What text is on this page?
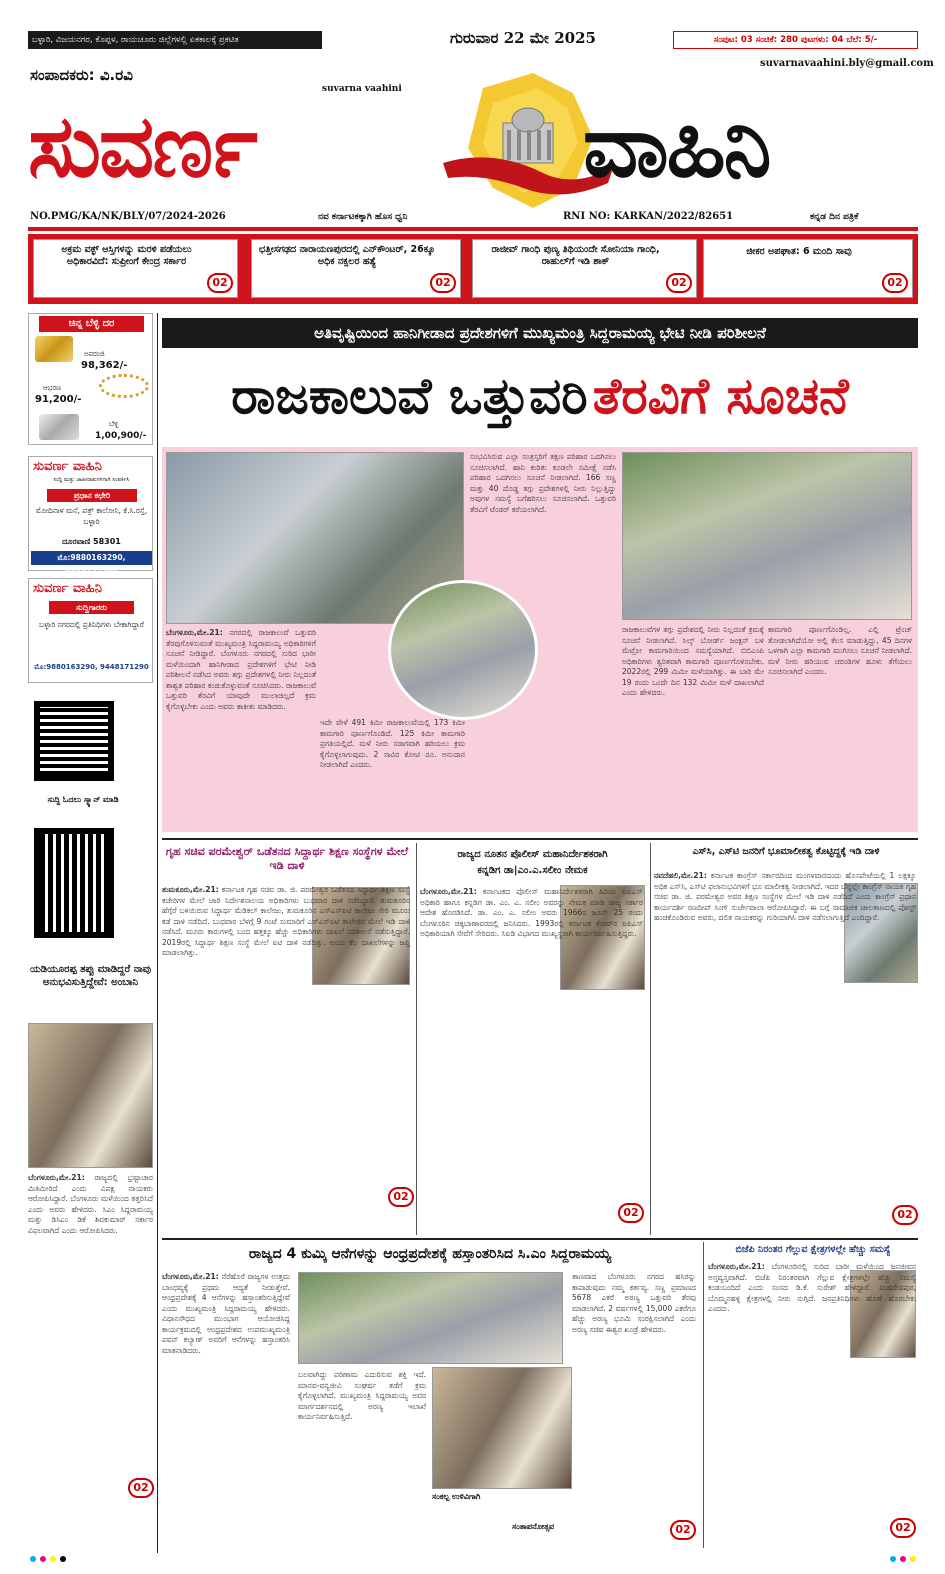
ಬಳ್ಳಾರಿ, ವಿಜಯನಗರ, ಕೊಪ್ಪಳ, ರಾಯಚೂರು ಜಿಲ್ಲೆಗಳಲ್ಲಿ ಏಕಕಾಲಕ್ಕೆ ಪ್ರಕಟಿತ	ಗುರುವಾರ 22 ಮೇ 2025	ಸಂಪುಟ: 03 ಸಂಚಿಕೆ: 280 ಪುಟಗಳು: 04 ಬೆಲೆ: 5/-
ಸಂಪಾದಕರು: ವಿ.ರವಿ
suvarnavaahini.bly@gmail.com
suvarna vaahini
ಸುವರ್ಣ	ವಾಹಿನಿ
NO.PMG/KA/NK/BLY/07/2024-2026	ನವ ಕರ್ನಾಟಕಕ್ಕಾಗಿ ಹೊಸ ಧ್ವನಿ	RNI NO: KARKAN/2022/82651	ಕನ್ನಡ ದಿನ ಪತ್ರಿಕೆ
ಅಕ್ರಮ ವಕ್ಫ್ ಆಸ್ತಿಗಳನ್ನು ಮರಳಿ ಪಡೆಯಲು ಅಧಿಕಾರವಿದೆ: ಸುಪ್ರೀಂಗೆ ಕೇಂದ್ರ ಸರ್ಕಾರ
02
ಛತ್ತೀಸಗಢದ ನಾರಾಯಣಪುರದಲ್ಲಿ ಎನ್‌ಕೌಂಟರ್, 26ಕ್ಕೂ ಅಧಿಕ ನಕ್ಸಲರ ಹತ್ಯೆ
02
ರಾಜೀವ್ ಗಾಂಧಿ ಪುಣ್ಯ ತಿಥಿಯಂದೇ ಸೋನಿಯಾ ಗಾಂಧಿ, ರಾಹುಲ್‌ಗೆ ಇಡಿ ಶಾಕ್
02
ಜೀಕರ ಅಪಘಾತ: 6 ಮಂದಿ ಸಾವು
02
ಚಿನ್ನ ಬೆಳ್ಳಿ ದರ
ಅಪರಂಜಿ
98,362/-
ಆಭರಣ
91,200/-
ಬೆಳ್ಳಿ
1,00,900/-
ಸುವರ್ಣ ವಾಹಿನಿ
ಸುದ್ದಿ ಮತ್ತು ಜಾಹೀರಾತುಗಳಿಗಾಗಿ ಸಂಪರ್ಕಿಸಿ
ಪ್ರಧಾನ ಕಛೇರಿ
ಮೋದಿನಾಳ ಮನೆ, ಪತ್ರ್ ಕಾಲೋನಿ, ಕೆ.ಸಿ.ರಸ್ತೆ, ಬಳ್ಳಾರಿ
ದೂರವಾಣಿ 58301
ಮೊ:9880163290, 9448171290
ಸುವರ್ಣ ವಾಹಿನಿ
ಸುದ್ದಿಗಾರರು
ಬಳ್ಳಾರಿ ನಗರದಲ್ಲಿ ಪ್ರತಿನಿಧಿಗಳು ಬೇಕಾಗಿದ್ದಾರೆ
ಮೊ:9880163290, 9448171290
ಸುದ್ದಿ ಓದಲು ಸ್ಕ್ಯಾನ್ ಮಾಡಿ
ಯಡಿಯೂರಪ್ಪ ತಪ್ಪು ಮಾಡಿದ್ದರೆ ನಾವು ಅನುಭವಿಸುತ್ತಿದ್ದೇವೆ: ಅಂಬಾನಿ
ಬೆಂಗಳೂರು,ಮೇ.21: ರಾಜ್ಯದಲ್ಲಿ ಭ್ರಷ್ಟಾಚಾರ ಮಿತಿಮೀರಿದೆ ಎಂದು ವಿಪಕ್ಷ ನಾಯಕರು ಆರೋಪಿಸಿದ್ದಾರೆ. ಬೆಂಗಳೂರು ಮಳೆಯಿಂದ ತತ್ತರಿಸಿದೆ ಎಂದು ಅವರು ಹೇಳಿದರು. ಸಿಎಂ ಸಿದ್ದರಾಮಯ್ಯ ಮತ್ತು ಡಿಸಿಎಂ ಡಿಕೆ ಶಿವಕುಮಾರ್ ಸರ್ಕಾರ ವಿಫಲವಾಗಿದೆ ಎಂದು ಆರೋಪಿಸಿದರು.
02
ಅತಿವೃಷ್ಟಿಯಿಂದ ಹಾನಿಗೀಡಾದ ಪ್ರದೇಶಗಳಿಗೆ ಮುಖ್ಯಮಂತ್ರಿ ಸಿದ್ದರಾಮಯ್ಯ ಭೇಟಿ ನೀಡಿ ಪರಿಶೀಲನೆ
ರಾಜಕಾಲುವೆ ಒತ್ತುವರಿ ತೆರವಿಗೆ ಸೂಚನೆ
ಬೆಂಗಳೂರು,ಮೇ.21: ನಗರದಲ್ಲಿ ರಾಜಕಾಲುವೆ ಒತ್ತುವರಿ ತೆರವುಗೊಳಿಸುವಂತೆ ಮುಖ್ಯಮಂತ್ರಿ ಸಿದ್ದರಾಮಯ್ಯ ಅಧಿಕಾರಿಗಳಿಗೆ ಸೂಚನೆ ನೀಡಿದ್ದಾರೆ. ಬೆಂಗಳೂರು ನಗರದಲ್ಲಿ ಸುರಿದ ಭಾರೀ ಮಳೆಯಿಂದಾಗಿ ಹಾನಿಗೀಡಾದ ಪ್ರದೇಶಗಳಿಗೆ ಭೇಟಿ ನೀಡಿ ಪರಿಶೀಲನೆ ನಡೆಸಿದ ಅವರು ತಗ್ಗು ಪ್ರದೇಶಗಳಲ್ಲಿ ನೀರು ನಿಲ್ಲದಂತೆ ಶಾಶ್ವತ ಪರಿಹಾರ ಕಂಡುಕೊಳ್ಳುವಂತೆ ಸೂಚಿಸಿದರು. ರಾಜಕಾಲುವೆ ಒತ್ತುವರಿ ತೆರವಿಗೆ ಯಾವುದೇ ಮುಲಾಜಿಲ್ಲದೆ ಕ್ರಮ ಕೈಗೊಳ್ಳಬೇಕು ಎಂದು ಅವರು ತಾಕೀತು ಮಾಡಿದರು.
ಇದೇ ವೇಳೆ 491 ಕಿಮೀ ರಾಜಕಾಲುವೆಯಲ್ಲಿ 173 ಕಿಮೀ ಕಾಮಗಾರಿ ಪೂರ್ಣಗೊಂಡಿದೆ. 125 ಕಿಮೀ ಕಾಮಗಾರಿ ಪ್ರಗತಿಯಲ್ಲಿದೆ. ಮಳೆ ನೀರು ಸರಾಗವಾಗಿ ಹರಿಯಲು ಕ್ರಮ ಕೈಗೊಳ್ಳಲಾಗುವುದು. 2 ಸಾವಿರ ಕೋಟಿ ರೂ. ಅನುದಾನ ನೀಡಲಾಗಿದೆ ಎಂದರು.
ಸಂಭವಿಸಿರುವ ಎಲ್ಲಾ ಸಂತ್ರಸ್ತರಿಗೆ ತಕ್ಷಣ ಪರಿಹಾರ ಒದಗಿಸಲು ಸೂಚಿಸಲಾಗಿದೆ. ಹಾನಿ ಕುರಿತು ಕೂಡಲೇ ಸಮೀಕ್ಷೆ ನಡೆಸಿ ಪರಿಹಾರ ಒದಗಿಸಲು ಸೂಚನೆ ನೀಡಲಾಗಿದೆ. 166 ಸಣ್ಣ ಮತ್ತು 40 ದೊಡ್ಡ ತಗ್ಗು ಪ್ರದೇಶಗಳಲ್ಲಿ ನೀರು ನಿಲ್ಲುತ್ತಿದ್ದು ಅವುಗಳ ಸಮಸ್ಯೆ ಬಗೆಹರಿಸಲು ಸೂಚಿಸಲಾಗಿದೆ. ಒತ್ತುವರಿ ತೆರವಿಗೆ ಟೆಂಡರ್ ಕರೆಯಲಾಗಿದೆ.
ರಾಜಕಾಲುವೆಗಳ ತಗ್ಗು ಪ್ರದೇಶದಲ್ಲಿ ನೀರು ನಿಲ್ಲದಂತೆ ಕ್ರಮಕ್ಕೆ ಸೂಚನೆ ನೀಡಲಾಗಿದೆ. ಸಿಲ್ಕ್ ಬೋರ್ಡ್ ಜಂಕ್ಷನ್ ಬಳಿ ಮೆಟ್ರೋ ಕಾಮಗಾರಿಯಿಂದ ಸಮಸ್ಯೆಯಾಗಿದೆ. ಬಿಬಿಎಂಪಿ ಅಧಿಕಾರಿಗಳು ತ್ವರಿತವಾಗಿ ಕಾಮಗಾರಿ ಪೂರ್ಣಗೊಳಿಸಬೇಕು. 2022ರಲ್ಲಿ 299 ಮಿಮೀ ಮಳೆಯಾಗಿತ್ತು. ಈ ಬಾರಿ ಮೇ 19 ರಂದು ಒಂದೇ ದಿನ 132 ಮಿಮೀ ಮಳೆ ದಾಖಲಾಗಿದೆ ಎಂದು ಹೇಳಿದರು.
ಕಾಮಗಾರಿ ಪೂರ್ಣಗೊಂಡಿಲ್ಲ. ಎಲ್ಲಿ ಟ್ರೆಂಚ್ ತೋಡಲಾಗಿದೆಯೋ ಅಲ್ಲಿ ಕೆಲಸ ಮಾಡುತ್ತಿದ್ದು, 45 ದಿನಗಳ ಒಳಗಾಗಿ ಎಲ್ಲಾ ಕಾಮಗಾರಿ ಮುಗಿಸಲು ಸೂಚನೆ ನೀಡಲಾಗಿದೆ. ಮಳೆ ನೀರು ಹರಿಯುವ ಚರಂಡಿಗಳ ಹೂಳು ತೆಗೆಯಲು ಸೂಚಿಸಲಾಗಿದೆ ಎಂದರು.
ಗೃಹ ಸಚಿವ ಪರಮೇಶ್ವರ್ ಒಡೆತನದ ಸಿದ್ದಾರ್ಥ ಶಿಕ್ಷಣ ಸಂಸ್ಥೆಗಳ ಮೇಲೆ ಇಡಿ ದಾಳಿ
ತುಮಕೂರು,ಮೇ.21: ಕರ್ನಾಟಕ ಗೃಹ ಸಚಿವ ಡಾ. ಜಿ. ಪರಮೇಶ್ವರ ಒಡೆತನದ ಸಿದ್ದಾರ್ಥ ಶಿಕ್ಷಣ ಸಂಸ್ಥೆ ಕಚೇರಿಗಳ ಮೇಲೆ ಜಾರಿ ನಿರ್ದೇಶನಾಲಯ ಅಧಿಕಾರಿಗಳು ಬುಧವಾರ ದಾಳಿ ನಡೆಸಿದ್ದಾರೆ. ತುಮಕೂರಿನ ಹೆಗ್ಗೆರೆ ಬಳಿಯಿರುವ ಸಿದ್ದಾರ್ಥ ಮೆಡಿಕಲ್ ಕಾಲೇಜು, ತುಮಕೂರಿನ ಎಸ್‌ಎಸ್‌ಐಟಿ ಕಾಲೇಜು ಸೇರಿ ಮೂರು ಕಡೆ ದಾಳಿ ನಡೆದಿದೆ. ಬುಧವಾರ ಬೆಳಗ್ಗೆ 9 ಗಂಟೆ ಸುಮಾರಿಗೆ ಎಸ್‌ಎಸ್‌ಐಟಿ ಕಾಲೇಜಿನ ಮೇಲೆ ಇಡಿ ದಾಳಿ ನಡೆಸಿದೆ. ಮೂರು ಕಾರುಗಳಲ್ಲಿ ಬಂದ ಹತ್ತಕ್ಕೂ ಹೆಚ್ಚು ಅಧಿಕಾರಿಗಳು ದಾಖಲೆ ಪರಿಶೀಲನೆ ನಡೆಸುತ್ತಿದ್ದಾರೆ. 2019ರಲ್ಲಿ ಸಿದ್ದಾರ್ಥ ಶಿಕ್ಷಣ ಸಂಸ್ಥೆ ಮೇಲೆ ಐಟಿ ದಾಳಿ ನಡೆದಿತ್ತು. ಅಂದು ಕೆಲ ದಾಖಲೆಗಳನ್ನು ಜಪ್ತಿ ಮಾಡಲಾಗಿತ್ತು.
02
ರಾಜ್ಯದ ನೂತನ ಪೊಲೀಸ್ ಮಹಾನಿರ್ದೇಶಕರಾಗಿ
ಕನ್ನಡಿಗ ಡಾ|ಎಂ.ಎ.ಸಲೀಂ ನೇಮಕ
ಬೆಂಗಳೂರು,ಮೇ.21: ಕರ್ನಾಟಕದ ಪೊಲೀಸ್ ಮಹಾನಿರ್ದೇಶಕರಾಗಿ ಹಿರಿಯ ಐಪಿಎಸ್ ಅಧಿಕಾರಿ ಹಾಗೂ ಕನ್ನಡಿಗ ಡಾ. ಎಂ. ಎ. ಸಲೀಂ ಅವರನ್ನು ನೇಮಕ ಮಾಡಿ ರಾಜ್ಯ ಸರ್ಕಾರ ಆದೇಶ ಹೊರಡಿಸಿದೆ. ಡಾ. ಎಂ. ಎ. ಸಲೀಂ ಅವರು 1966ರ ಜೂನ್ 25 ರಂದು ಬೆಂಗಳೂರಿನ ಚಿಕ್ಕಬಾಣಾವರದಲ್ಲಿ ಜನಿಸಿದರು. 1993ರಲ್ಲಿ ಕರ್ನಾಟಕ ಕೇಡರ್‌ನ ಐಪಿಎಸ್ ಅಧಿಕಾರಿಯಾಗಿ ಸೇವೆಗೆ ಸೇರಿದರು. ಸಿಐಡಿ ವಿಭಾಗದ ಮುಖ್ಯಸ್ಥರಾಗಿ ಕಾರ್ಯನಿರ್ವಹಿಸುತ್ತಿದ್ದರು.
02
ಎಸ್‌ಸಿ, ಎಸ್‌ಟಿ ಜನರಿಗೆ ಭೂಮಾಲೀಕತ್ವ ಕೊಟ್ಟಿದ್ದಕ್ಕೆ ಇಡಿ ದಾಳಿ
ನವದೆಹಲಿ,ಮೇ.21: ಕರ್ನಾಟಕ ಕಾಂಗ್ರೆಸ್ ಸರ್ಕಾರದಿಂದ ಮಂಗಳವಾರದಂದು ಹೊಸಪೇಟೆಯಲ್ಲಿ 1 ಲಕ್ಷಕ್ಕೂ ಅಧಿಕ ಎಸ್‌ಸಿ, ಎಸ್‌ಟಿ ಫಲಾನುಭವಿಗಳಿಗೆ ಭೂ ಮಾಲೀಕತ್ವ ನೀಡಲಾಗಿದೆ. ಇದರ ಬೆನ್ನಲ್ಲೇ ಕಾಂಗ್ರೆಸ್ ನಾಯಕ ಗೃಹ ಸಚಿವ ಡಾ. ಜಿ. ಪರಮೇಶ್ವರ ಅವರ ಶಿಕ್ಷಣ ಸಂಸ್ಥೆಗಳ ಮೇಲೆ ಇಡಿ ದಾಳಿ ನಡೆದಿದೆ ಎಂದು ಕಾಂಗ್ರೆಸ್ ಪ್ರಧಾನ ಕಾರ್ಯದರ್ಶಿ ರಣದೀಪ್ ಸಿಂಗ್ ಸುರ್ಜೇವಾಲಾ ಆರೋಪಿಸಿದ್ದಾರೆ. ಈ ಬಗ್ಗೆ ಸಾಮಾಜಿಕ ಜಾಲತಾಣದಲ್ಲಿ ಪೋಸ್ಟ್ ಹಂಚಿಕೊಂಡಿರುವ ಅವರು, ದಲಿತ ನಾಯಕರನ್ನು ಗುರಿಯಾಗಿಸಿ ದಾಳಿ ನಡೆಸಲಾಗುತ್ತಿದೆ ಎಂದಿದ್ದಾರೆ.
02
ರಾಜ್ಯದ 4 ಕುಮ್ಕಿ ಆನೆಗಳನ್ನು ಆಂಧ್ರಪ್ರದೇಶಕ್ಕೆ ಹಸ್ತಾಂತರಿಸಿದ ಸಿ.ಎಂ ಸಿದ್ದರಾಮಯ್ಯ
ಬೆಂಗಳೂರು,ಮೇ.21: ನೆರೆಹೊರೆ ರಾಜ್ಯಗಳ ಉತ್ತಮ ಬಾಂಧವ್ಯಕ್ಕೆ ಪ್ರಥಮ ಆದ್ಯತೆ ನೀಡುತ್ತೇವೆ. ಆಂಧ್ರಪ್ರದೇಶಕ್ಕೆ 4 ಆನೆಗಳನ್ನು ಹಸ್ತಾಂತರಿಸುತ್ತಿದ್ದೇವೆ ಎಂದು ಮುಖ್ಯಮಂತ್ರಿ ಸಿದ್ದರಾಮಯ್ಯ ಹೇಳಿದರು. ವಿಧಾನಸೌಧದ ಮುಂಭಾಗ ಆಯೋಜಿಸಿದ್ದ ಕಾರ್ಯಕ್ರಮದಲ್ಲಿ ಆಂಧ್ರಪ್ರದೇಶದ ಉಪಮುಖ್ಯಮಂತ್ರಿ ಪವನ್ ಕಲ್ಯಾಣ್ ಅವರಿಗೆ ಆನೆಗಳನ್ನು ಹಸ್ತಾಂತರಿಸಿ ಮಾತನಾಡಿದರು.
ಬಲವಾಗಿದ್ದು ಪರಿಣಾಮ ಎದುರಿಸುವ ಶಕ್ತಿ ಇದೆ. ಮಾನವ-ವನ್ಯಜೀವಿ ಸಂಘರ್ಷ ತಡೆಗೆ ಕ್ರಮ ಕೈಗೊಳ್ಳಲಾಗಿದೆ. ಮುಖ್ಯಮಂತ್ರಿ ಸಿದ್ದರಾಮಯ್ಯ ಅವರ ಮಾರ್ಗದರ್ಶನದಲ್ಲಿ ಅರಣ್ಯ ಇಲಾಖೆ ಕಾರ್ಯನಿರ್ವಹಿಸುತ್ತಿದೆ.
ಸಂಕಲ್ಪ ಉಳಿವಿಗಾಗಿ
ಸಂತಾಪನೋತ್ಸವ
ತಾಣವಾದ ಬೆಂಗಳೂರು ನಗರದ ಹಸಿರನ್ನು ಕಾಪಾಡುವುದು ನಮ್ಮ ಕರ್ತವ್ಯ. ಸಣ್ಣ ಪ್ರಮಾಣದ 5678 ಎಕರೆ ಅರಣ್ಯ ಒತ್ತುವರಿ ತೆರವು ಮಾಡಲಾಗಿದೆ. 2 ವರ್ಷಗಳಲ್ಲಿ 15,000 ಎಕರೆಗೂ ಹೆಚ್ಚು ಅರಣ್ಯ ಭೂಮಿ ಸಂರಕ್ಷಿಸಲಾಗಿದೆ ಎಂದು ಅರಣ್ಯ ಸಚಿವ ಈಶ್ವರ ಖಂಡ್ರೆ ಹೇಳಿದರು.
02
ಬಿಜೆಪಿ ನಿರಂತರ ಗೆಲ್ಲುವ ಕ್ಷೇತ್ರಗಳಲ್ಲೇ ಹೆಚ್ಚು ಸಮಸ್ಯೆ
ಬೆಂಗಳೂರು,ಮೇ.21: ಬೆಂಗಳೂರಿನಲ್ಲಿ ಸುರಿದ ಭಾರೀ ಮಳೆಯಿಂದ ಜನಜೀವನ ಅಸ್ತವ್ಯಸ್ತವಾಗಿದೆ. ಬಿಜೆಪಿ ನಿರಂತರವಾಗಿ ಗೆಲ್ಲುವ ಕ್ಷೇತ್ರಗಳಲ್ಲೇ ಹೆಚ್ಚು ಸಮಸ್ಯೆ ಕಂಡುಬಂದಿದೆ ಎಂದು ಸಂಸದ ಡಿ.ಕೆ. ಸುರೇಶ್ ಹೇಳಿದ್ದಾರೆ. ಮಹದೇವಪುರ, ಬೊಮ್ಮನಹಳ್ಳಿ ಕ್ಷೇತ್ರಗಳಲ್ಲಿ ನೀರು ನುಗ್ಗಿದೆ. ಜನಪ್ರತಿನಿಧಿಗಳು ಹೊಣೆ ಹೊರಬೇಕು ಎಂದರು.
02
